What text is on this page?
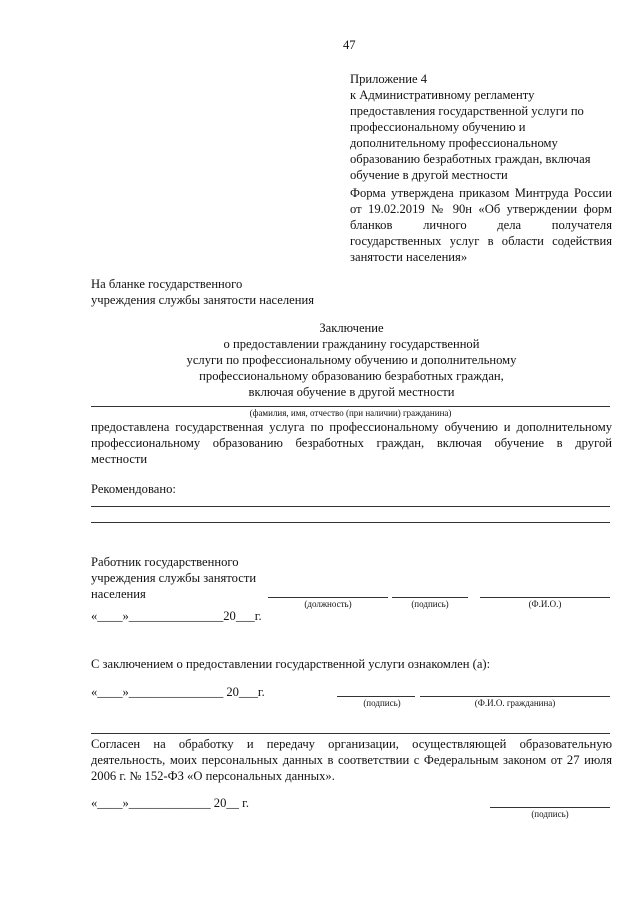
47
Приложение 4
к Административному регламенту
предоставления государственной услуги по
профессиональному обучению и
дополнительному профессиональному
образованию безработных граждан, включая
обучение в другой местности
Форма утверждена приказом Минтруда России
от 19.02.2019 № 90н «Об утверждении форм
бланков личного дела получателя
государственных услуг в области содействия
занятости населения»
На бланке государственного
учреждения службы занятости населения
Заключение
о предоставлении гражданину государственной
услуги по профессиональному обучению и дополнительному
профессиональному образованию безработных граждан,
включая обучение в другой местности
(фамилия, имя, отчество (при наличии) гражданина)
предоставлена государственная услуга по профессиональному обучению и дополнительному
профессиональному образованию безработных граждан, включая обучение в другой
местности
Рекомендовано:
Работник государственного
учреждения службы занятости
населения
(должность)	(подпись)	(Ф.И.О.)
«____»_______________20___г.
С заключением о предоставлении государственной услуги ознакомлен (а):
«____»_______________ 20___г.
(подпись)	(Ф.И.О. гражданина)
Согласен на обработку и передачу организации, осуществляющей образовательную
деятельность, моих персональных данных в соответствии с Федеральным законом от 27 июля
2006 г. № 152-ФЗ «О персональных данных».
«____»_____________ 20__ г.
(подпись)
